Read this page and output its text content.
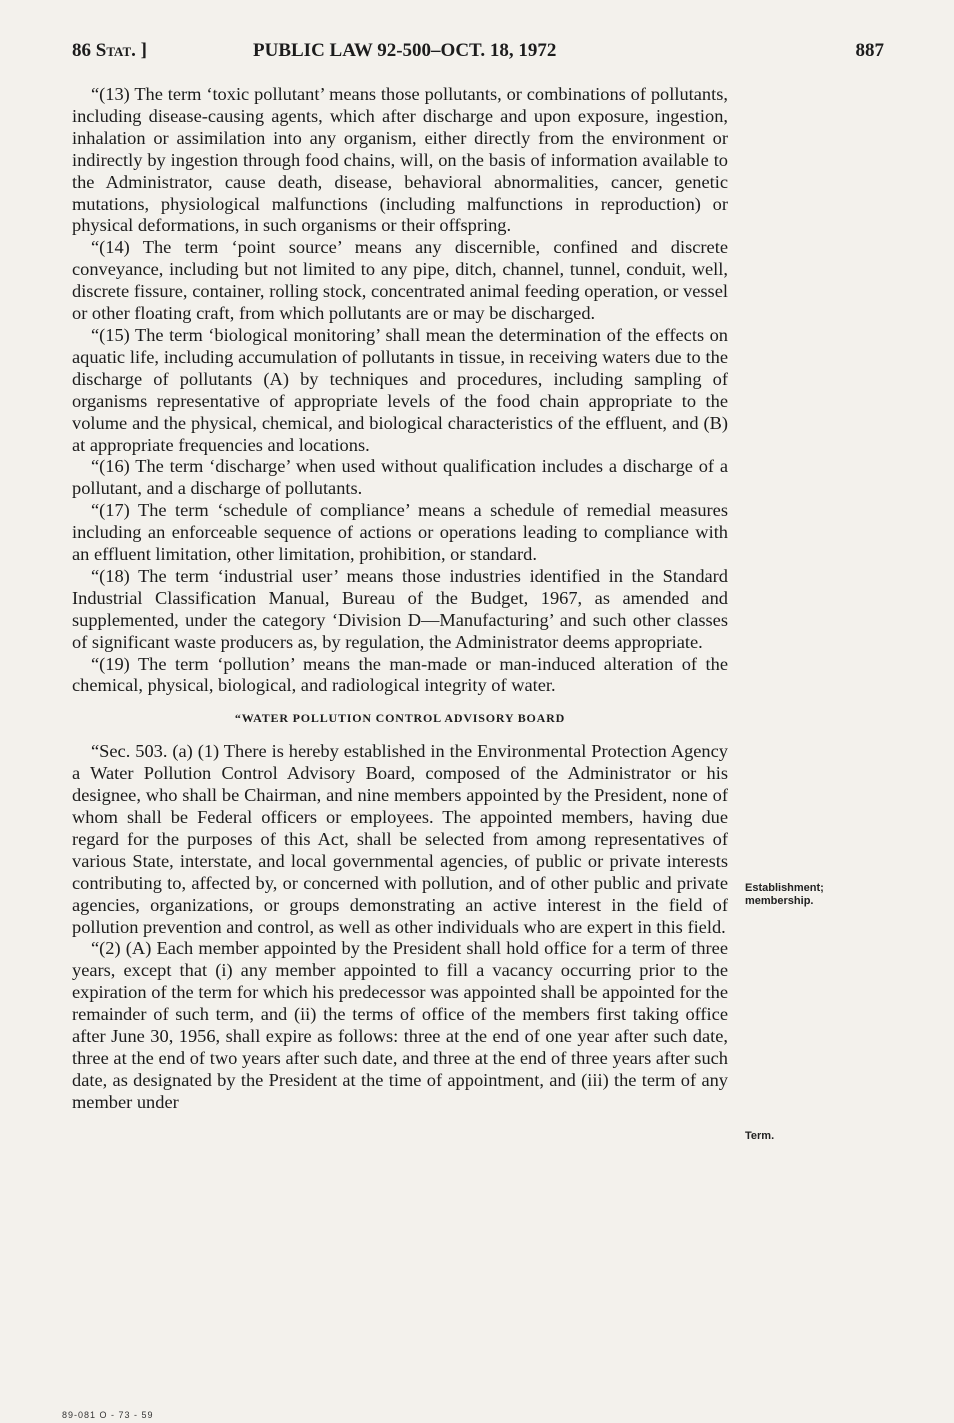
86 Stat. ]	PUBLIC LAW 92-500–OCT. 18, 1972	887

“(13) The term ‘toxic pollutant’ means those pollutants, or combinations of pollutants, including disease-causing agents, which after discharge and upon exposure, ingestion, inhalation or assimilation into any organism, either directly from the environment or indirectly by ingestion through food chains, will, on the basis of information available to the Administrator, cause death, disease, behavioral abnormalities, cancer, genetic mutations, physiological malfunctions (including malfunctions in reproduction) or physical deformations, in such organisms or their offspring.

“(14) The term ‘point source’ means any discernible, confined and discrete conveyance, including but not limited to any pipe, ditch, channel, tunnel, conduit, well, discrete fissure, container, rolling stock, concentrated animal feeding operation, or vessel or other floating craft, from which pollutants are or may be discharged.

“(15) The term ‘biological monitoring’ shall mean the determination of the effects on aquatic life, including accumulation of pollutants in tissue, in receiving waters due to the discharge of pollutants (A) by techniques and procedures, including sampling of organisms representative of appropriate levels of the food chain appropriate to the volume and the physical, chemical, and biological characteristics of the effluent, and (B) at appropriate frequencies and locations.

“(16) The term ‘discharge’ when used without qualification includes a discharge of a pollutant, and a discharge of pollutants.

“(17) The term ‘schedule of compliance’ means a schedule of remedial measures including an enforceable sequence of actions or operations leading to compliance with an effluent limitation, other limitation, prohibition, or standard.

“(18) The term ‘industrial user’ means those industries identified in the Standard Industrial Classification Manual, Bureau of the Budget, 1967, as amended and supplemented, under the category ‘Division D—Manufacturing’ and such other classes of significant waste producers as, by regulation, the Administrator deems appropriate.

“(19) The term ‘pollution’ means the man-made or man-induced alteration of the chemical, physical, biological, and radiological integrity of water.

“WATER POLLUTION CONTROL ADVISORY BOARD

“Sec. 503. (a) (1) There is hereby established in the Environmental Protection Agency a Water Pollution Control Advisory Board, composed of the Administrator or his designee, who shall be Chairman, and nine members appointed by the President, none of whom shall be Federal officers or employees. The appointed members, having due regard for the purposes of this Act, shall be selected from among representatives of various State, interstate, and local governmental agencies, of public or private interests contributing to, affected by, or concerned with pollution, and of other public and private agencies, organizations, or groups demonstrating an active interest in the field of pollution prevention and control, as well as other individuals who are expert in this field.

“(2) (A) Each member appointed by the President shall hold office for a term of three years, except that (i) any member appointed to fill a vacancy occurring prior to the expiration of the term for which his predecessor was appointed shall be appointed for the remainder of such term, and (ii) the terms of office of the members first taking office after June 30, 1956, shall expire as follows: three at the end of one year after such date, three at the end of two years after such date, and three at the end of three years after such date, as designated by the President at the time of appointment, and (iii) the term of any member under

Establishment; membership.
Term.
89-081 O - 73 - 59
